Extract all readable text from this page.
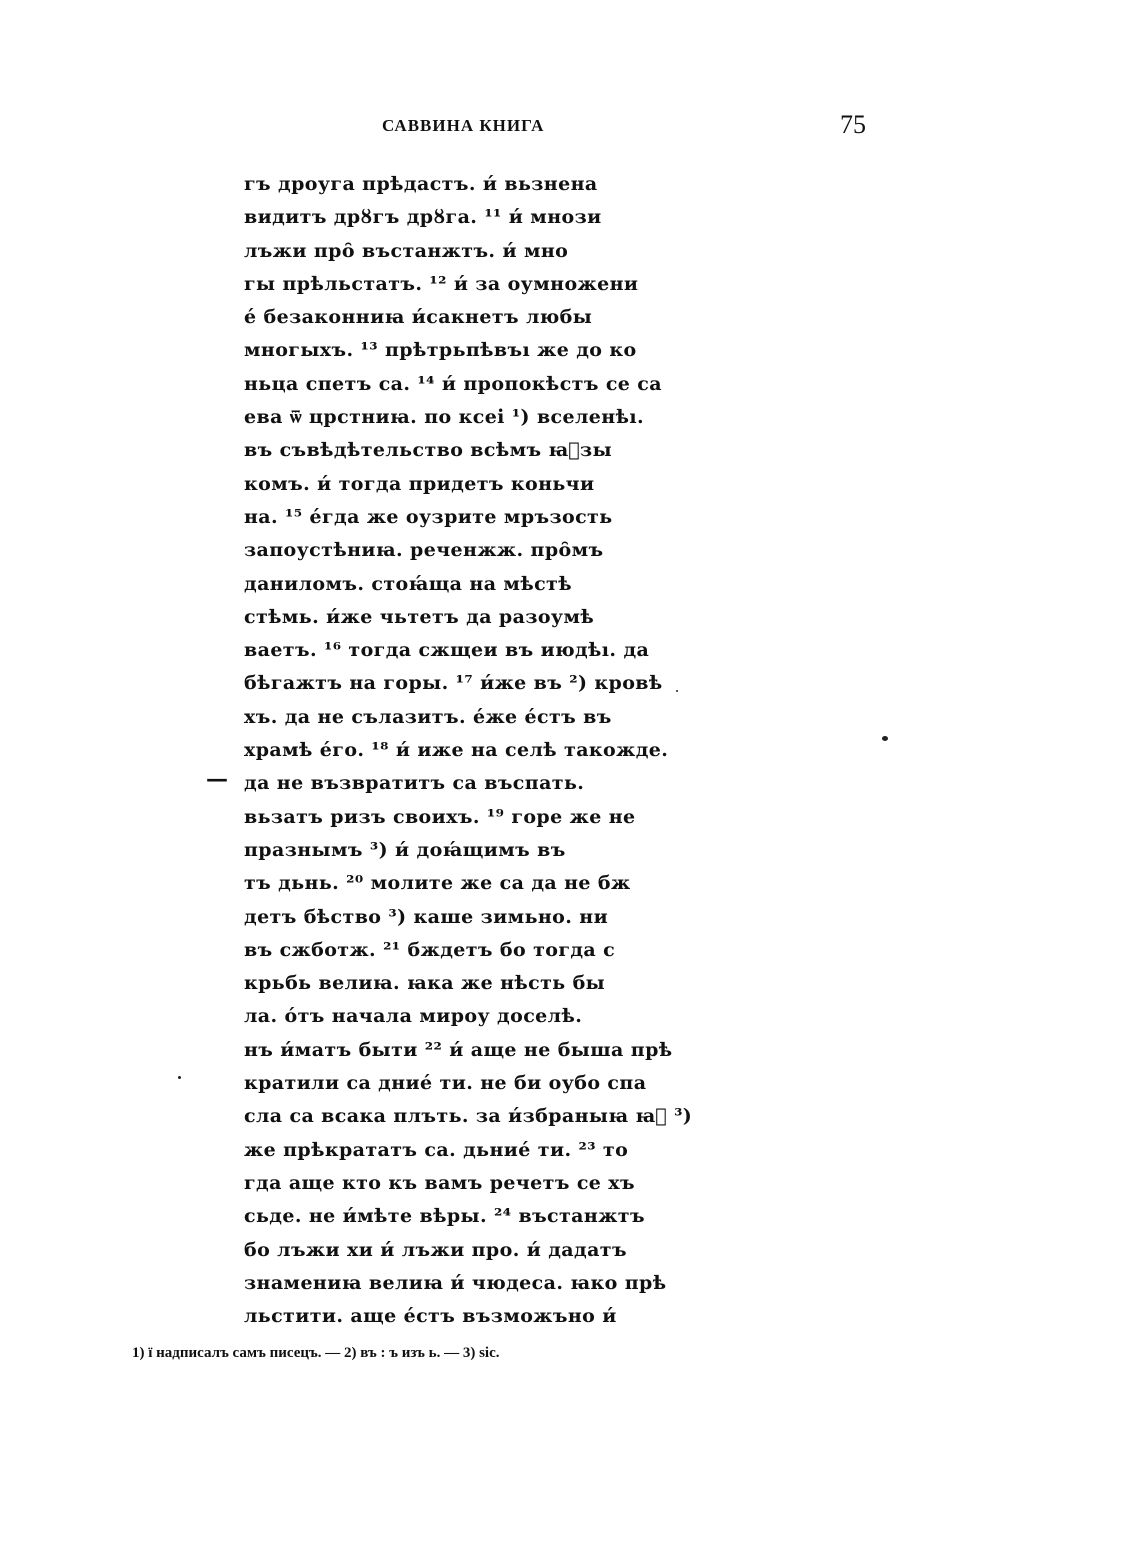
САВВИНА КНИГА	75
гъ дроуга прѣдастъ. и́ вьзнена
видитъ дрȣгъ дрȣга. ¹¹ и́ мнози
лъжи про̑ въстанжтъ. и́ мно
гы прѣльстатъ. ¹² и́ за оумножени
е́ безаконниꙗ и́сакнетъ любы
многыхъ. ¹³ прѣтрьпѣвъı же до ко
ньца спетъ са. ¹⁴ и́ пропокѣстъ се са
ева ѿ црстниꙗ. по ксеі ¹) вселенѣı.
въ съвѣдѣтельство всѣмъ ꙗ҆зы
комъ. и́ тогда придетъ коньчи
на. ¹⁵ е́гда же оузрите мръзость
запоустѣниꙗ. реченжж. про̑мъ
даниломъ. стоꙗ́ща на мѣстѣ
стѣмь. и́же чьтетъ да разоумѣ
ваетъ. ¹⁶ тогда сжщеи въ июдѣı. да
бѣгажтъ на горы. ¹⁷ и́же въ ²) кровѣ
хъ. да не сълазитъ. е́же е́стъ въ
храмѣ е́го. ¹⁸ и́ иже на селѣ такожде.
да не възвратитъ са въспать.
вьзатъ ризъ своихъ. ¹⁹ горе же не
празнымъ ³) и́ доꙗ́щимъ въ
тъ дьнь. ²⁰ молите же са да не бж
детъ бѣство ³) каше зимьно. ни
въ сжботж. ²¹ бждетъ бо тогда с
крьбь велиꙗ. ꙗка же нѣсть бы
ла. о́тъ начала мироу доселѣ.
нъ и́матъ быти ²² и́ аще не быша прѣ
кратили са дние́ ти. не би оубо спа
сла са всака плъть. за и́збраныꙗ ꙗ҆ ³)
же прѣкрататъ са. дьние́ ти. ²³ то
гда аще кто къ вамъ речетъ се хъ
сьде. не и́мѣте вѣры. ²⁴ въстанжтъ
бо лъжи хи и́ лъжи про. и́ дадатъ
знамениꙗ велиꙗ и́ чюдеса. ꙗко прѣ
льстити. аще е́стъ възможъно и́
—
1) ї надписалъ самъ писецъ. — 2) въ : ъ изъ ь. — 3) sic.
